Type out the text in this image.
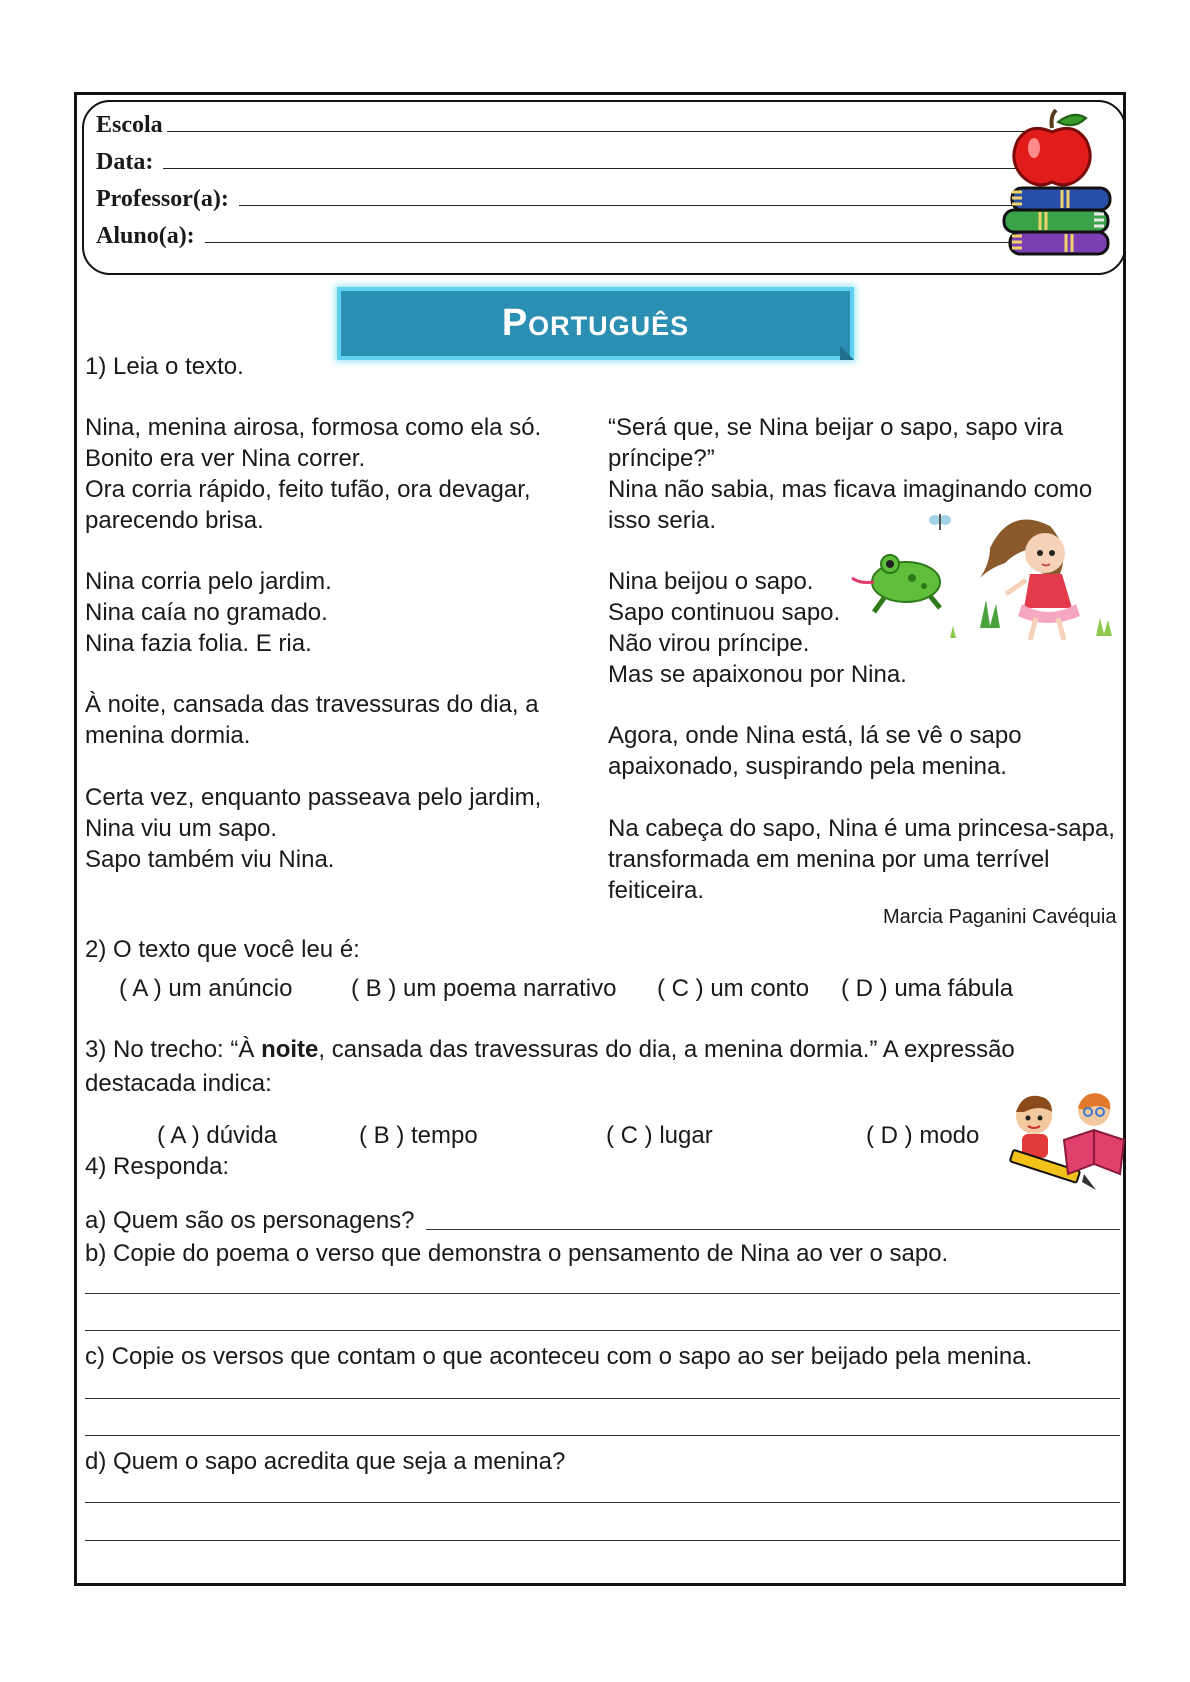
Escola
Data:
Professor(a):
Aluno(a):
Português
1) Leia o texto.
Nina, menina airosa, formosa como ela só.
Bonito era ver Nina correr.
Ora corria rápido, feito tufão, ora devagar,
parecendo brisa.
Nina corria pelo jardim.
Nina caía no gramado.
Nina fazia folia. E ria.
À noite, cansada das travessuras do dia, a
menina dormia.
Certa vez, enquanto passeava pelo jardim,
Nina viu um sapo.
Sapo também viu Nina.
“Será que, se Nina beijar o sapo, sapo vira
príncipe?”
Nina não sabia, mas ficava imaginando como
isso seria.
Nina beijou o sapo.
Sapo continuou sapo.
Não virou príncipe.
Mas se apaixonou por Nina.
Agora, onde Nina está, lá se vê o sapo
apaixonado, suspirando pela menina.
Na cabeça do sapo, Nina é uma princesa-sapa,
transformada em menina por uma terrível
feiticeira.
Marcia Paganini Cavéquia
2) O texto que você leu é:
( A ) um anúncio ( B ) um poema narrativo ( C ) um conto ( D ) uma fábula
3) No trecho: “À noite, cansada das travessuras do dia, a menina dormia.” A expressão
destacada indica:
( A ) dúvida	( B ) tempo	( C ) lugar	( D ) modo
4) Responda:
a) Quem são os personagens?
b) Copie do poema o verso que demonstra o pensamento de Nina ao ver o sapo.
c) Copie os versos que contam o que aconteceu com o sapo ao ser beijado pela menina.
d) Quem o sapo acredita que seja a menina?
